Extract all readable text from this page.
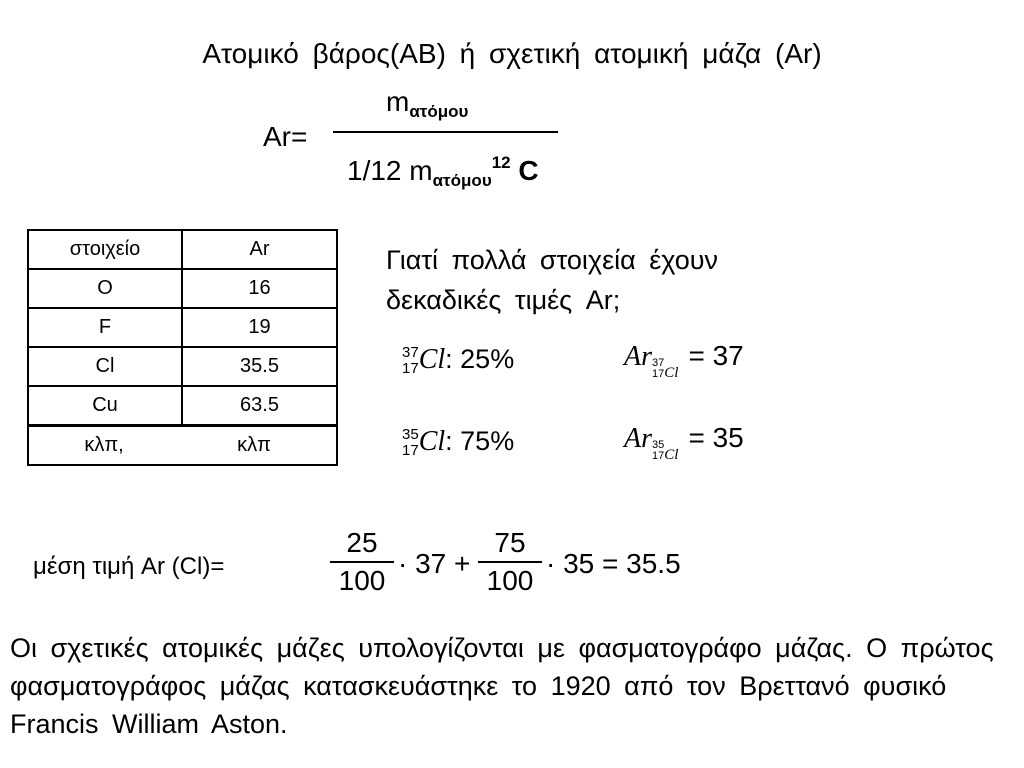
Ατομικό βάρος(ΑΒ) ή σχετική ατομική μάζα (Ar)
Ar=
$m_{\alpha\tau ό\mu o\upsilon}$
1/12 $m_{\alpha\tau ό\mu o\upsilon}^{12}$ C
στοιχείο	Ar
O	16
F	19
Cl	35.5
Cu	63.5
κλπ, κλπ	
Γιατί πολλά στοιχεία έχουν
δεκαδικές τιμές Ar;
37
17 Cl: 25%	Ar 37
17 Cl= 37
35
17 Cl: 75%	Ar 35
17 Cl= 35
μέση τιμή Ar (Cl)=
25
100
· 37 +
75
100
· 35 = 35.5
Οι σχετικές ατομικές μάζες υπολογίζονται με φασματογράφο μάζας. Ο πρώτος φασματογράφος μάζας κατασκευάστηκε το 1920 από τον Βρεττανό φυσικό Francis William Aston.
